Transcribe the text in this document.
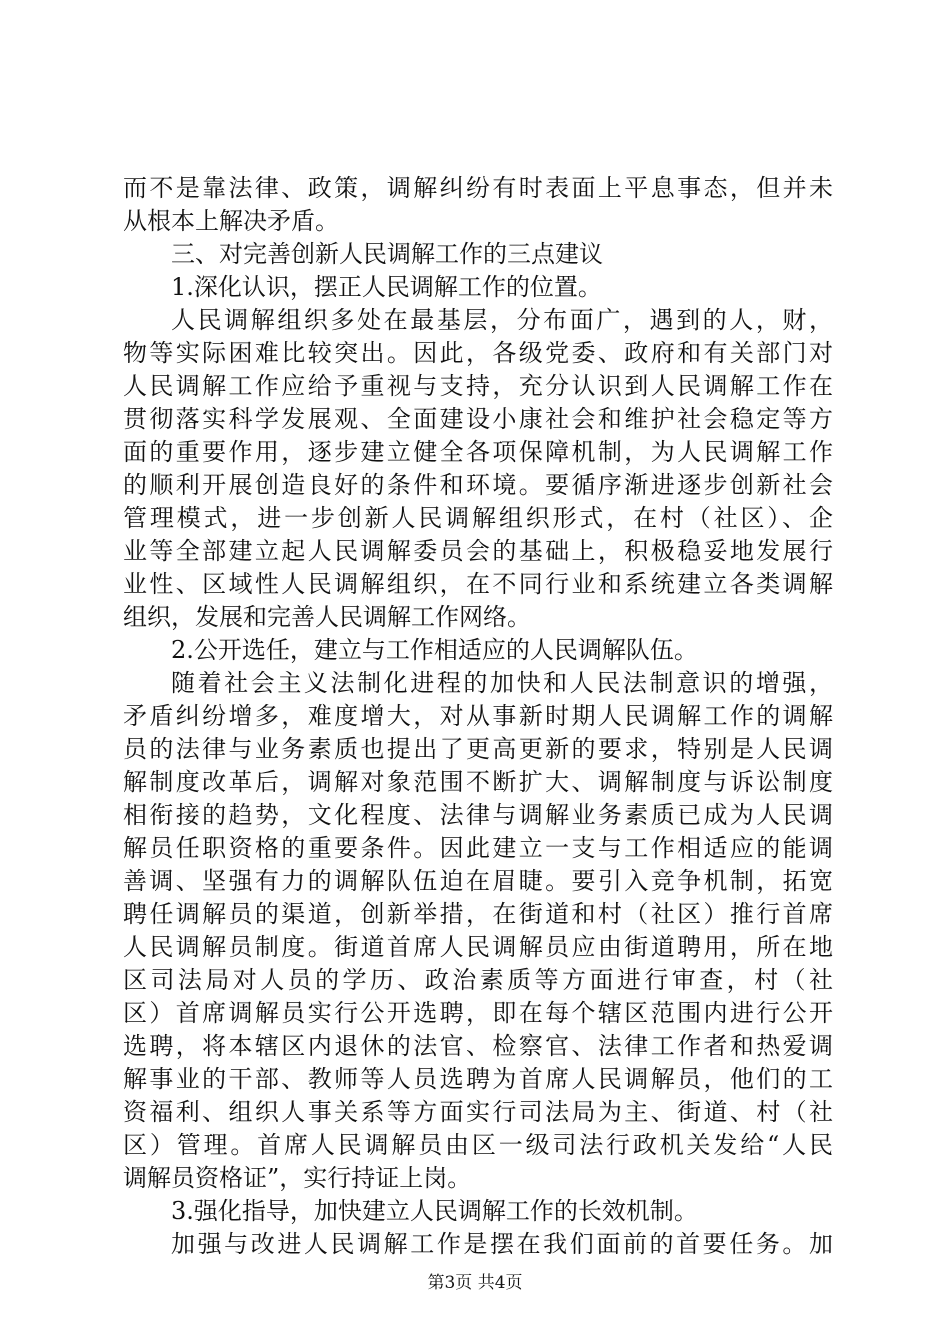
而不是靠法律、政策，调解纠纷有时表面上平息事态，但并未
从根本上解决矛盾。
三、对完善创新人民调解工作的三点建议
1.深化认识，摆正人民调解工作的位置。
人民调解组织多处在最基层，分布面广，遇到的人，财，
物等实际困难比较突出。因此，各级党委、政府和有关部门对
人民调解工作应给予重视与支持，充分认识到人民调解工作在
贯彻落实科学发展观、全面建设小康社会和维护社会稳定等方
面的重要作用，逐步建立健全各项保障机制，为人民调解工作
的顺利开展创造良好的条件和环境。要循序渐进逐步创新社会
管理模式，进一步创新人民调解组织形式，在村（社区）、企
业等全部建立起人民调解委员会的基础上，积极稳妥地发展行
业性、区域性人民调解组织，在不同行业和系统建立各类调解
组织，发展和完善人民调解工作网络。
2.公开选任，建立与工作相适应的人民调解队伍。
随着社会主义法制化进程的加快和人民法制意识的增强，
矛盾纠纷增多，难度增大，对从事新时期人民调解工作的调解
员的法律与业务素质也提出了更高更新的要求，特别是人民调
解制度改革后，调解对象范围不断扩大、调解制度与诉讼制度
相衔接的趋势，文化程度、法律与调解业务素质已成为人民调
解员任职资格的重要条件。因此建立一支与工作相适应的能调
善调、坚强有力的调解队伍迫在眉睫。要引入竞争机制，拓宽
聘任调解员的渠道，创新举措，在街道和村（社区）推行首席
人民调解员制度。街道首席人民调解员应由街道聘用，所在地
区司法局对人员的学历、政治素质等方面进行审查，村（社
区）首席调解员实行公开选聘，即在每个辖区范围内进行公开
选聘，将本辖区内退休的法官、检察官、法律工作者和热爱调
解事业的干部、教师等人员选聘为首席人民调解员，他们的工
资福利、组织人事关系等方面实行司法局为主、街道、村（社
区）管理。首席人民调解员由区一级司法行政机关发给“人民
调解员资格证”，实行持证上岗。
3.强化指导，加快建立人民调解工作的长效机制。
加强与改进人民调解工作是摆在我们面前的首要任务。加
第3页 共4页
